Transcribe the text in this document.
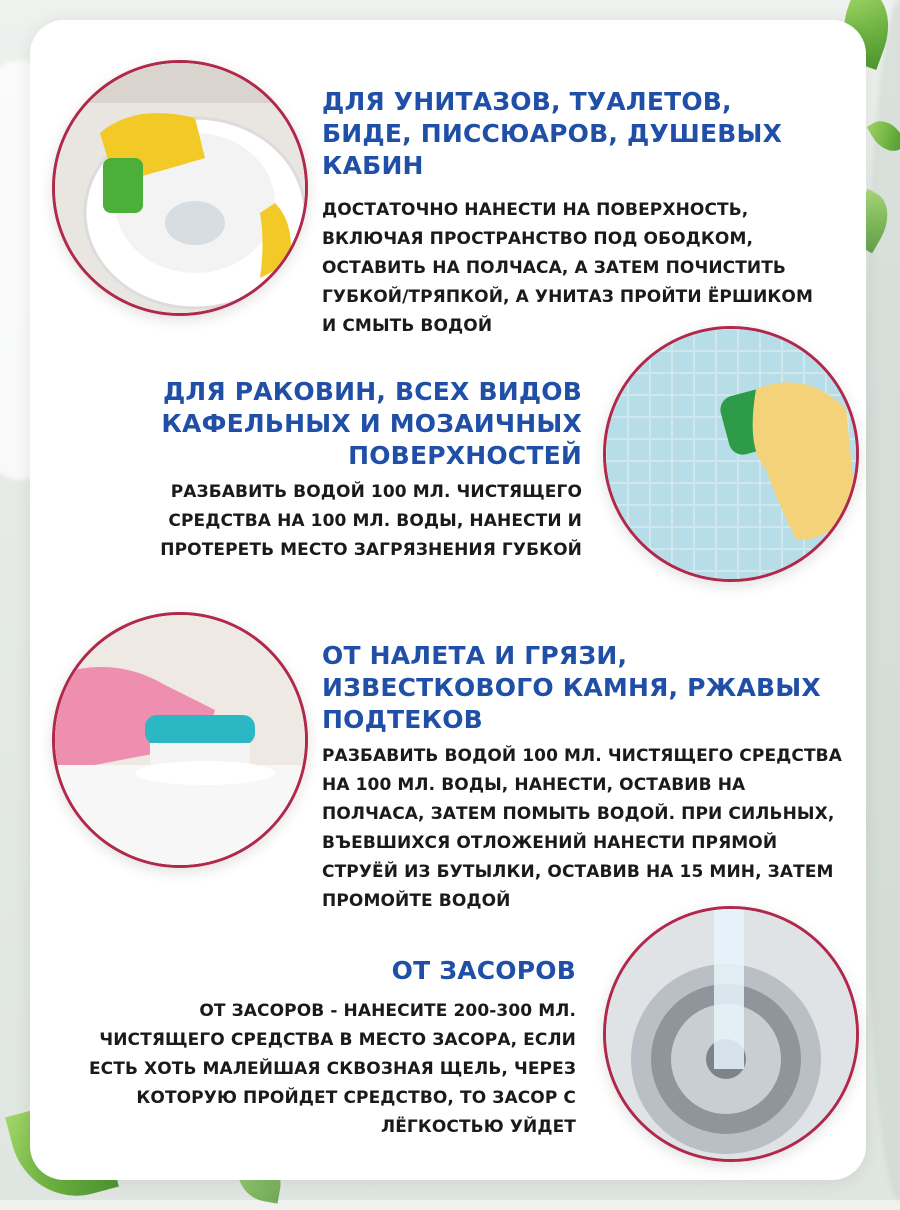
ДЛЯ УНИТАЗОВ, ТУАЛЕТОВ, БИДЕ, ПИССЮАРОВ, ДУШЕВЫХ КАБИН

ДОСТАТОЧНО НАНЕСТИ НА ПОВЕРХНОСТЬ, ВКЛЮЧАЯ ПРОСТРАНСТВО ПОД ОБОДКОМ, ОСТАВИТЬ НА ПОЛЧАСА, А ЗАТЕМ ПОЧИСТИТЬ ГУБКОЙ/ТРЯПКОЙ, А УНИТАЗ ПРОЙТИ ЁРШИКОМ И СМЫТЬ ВОДОЙ

ДЛЯ РАКОВИН, ВСЕХ ВИДОВ КАФЕЛЬНЫХ И МОЗАИЧНЫХ ПОВЕРХНОСТЕЙ

РАЗБАВИТЬ ВОДОЙ 100 МЛ. ЧИСТЯЩЕГО СРЕДСТВА НА 100 МЛ. ВОДЫ, НАНЕСТИ И ПРОТЕРЕТЬ МЕСТО ЗАГРЯЗНЕНИЯ ГУБКОЙ

ОТ НАЛЕТА И ГРЯЗИ, ИЗВЕСТКОВОГО КАМНЯ, РЖАВЫХ ПОДТЕКОВ

РАЗБАВИТЬ ВОДОЙ 100 МЛ. ЧИСТЯЩЕГО СРЕДСТВА НА 100 МЛ. ВОДЫ, НАНЕСТИ, ОСТАВИВ НА ПОЛЧАСА, ЗАТЕМ ПОМЫТЬ ВОДОЙ. ПРИ СИЛЬНЫХ, ВЪЕВШИХСЯ ОТЛОЖЕНИЙ НАНЕСТИ ПРЯМОЙ СТРУЁЙ ИЗ БУТЫЛКИ, ОСТАВИВ НА 15 МИН, ЗАТЕМ ПРОМОЙТЕ ВОДОЙ

ОТ ЗАСОРОВ

ОТ ЗАСОРОВ - НАНЕСИТЕ 200-300 МЛ. ЧИСТЯЩЕГО СРЕДСТВА В МЕСТО ЗАСОРА, ЕСЛИ ЕСТЬ ХОТЬ МАЛЕЙШАЯ СКВОЗНАЯ ЩЕЛЬ, ЧЕРЕЗ КОТОРУЮ ПРОЙДЕТ СРЕДСТВО, ТО ЗАСОР С ЛЁГКОСТЬЮ УЙДЕТ
